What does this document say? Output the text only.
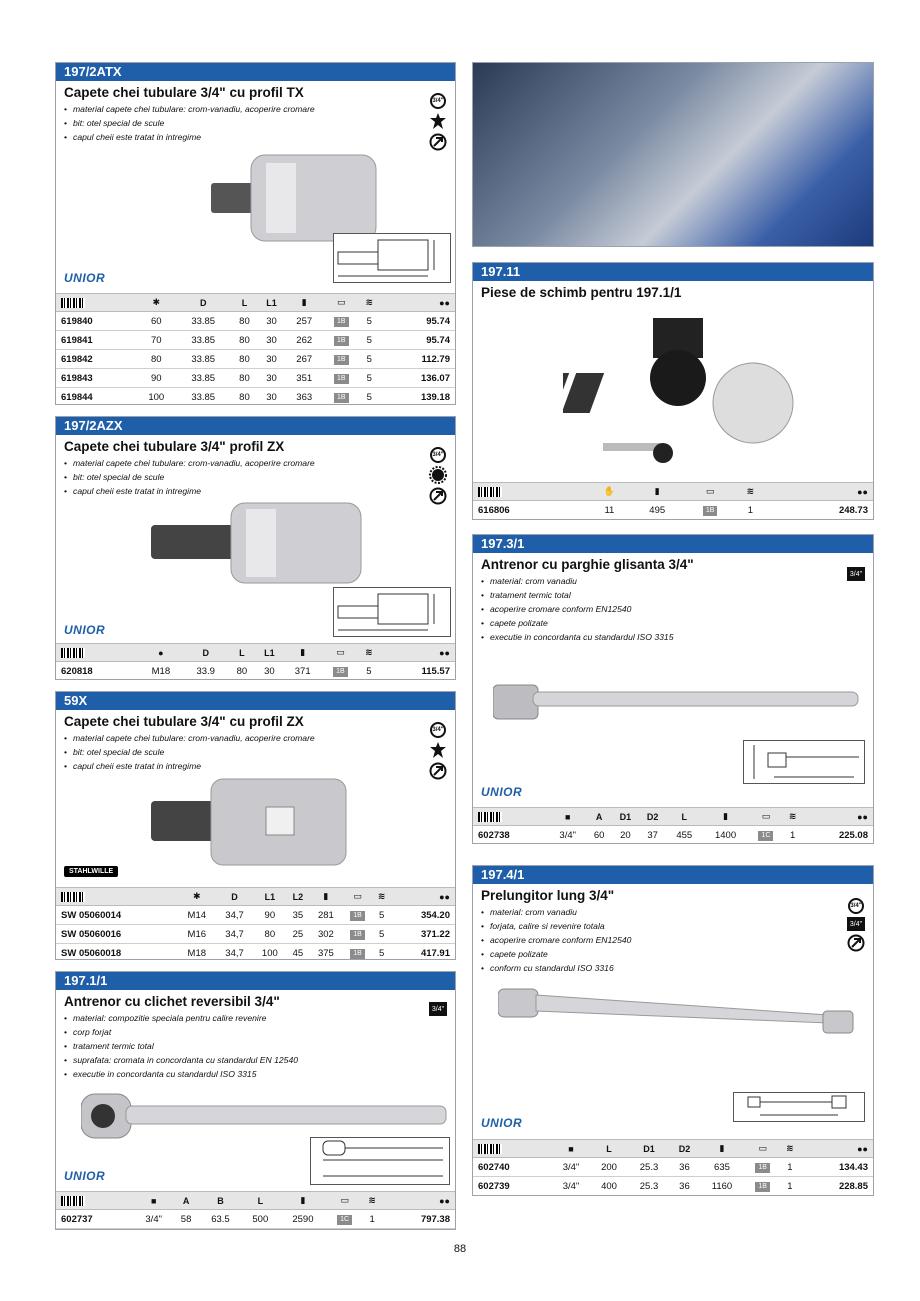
197/2ATX
Capete chei tubulare 3/4" cu profil TX
• material capete chei tubulare: crom-vanadiu, acoperire cromare
• bit: otel special de scule
• capul cheii este tratat in intregime
3/4"
UNIOR
	✱	D	L	L1	▮	▭	≋	●●
619840	60	33.85	80	30	257	1B	5	95.74
619841	70	33.85	80	30	262	1B	5	95.74
619842	80	33.85	80	30	267	1B	5	112.79
619843	90	33.85	80	30	351	1B	5	136.07
619844	100	33.85	80	30	363	1B	5	139.18
197/2AZX
Capete chei tubulare 3/4" profil ZX
• material capete chei tubulare: crom-vanadiu, acoperire cromare
• bit: otel special de scule
• capul cheii este tratat in intregime
3/4"
UNIOR
	●	D	L	L1	▮	▭	≋	●●
620818	M18	33.9	80	30	371	1B	5	115.57
59X
Capete chei tubulare 3/4" cu profil ZX
• material capete chei tubulare: crom-vanadiu, acoperire cromare
• bit: otel special de scule
• capul cheii este tratat in intregime
3/4"
STAHLWILLE
	✱	D	L1	L2	▮	▭	≋	●●
SW 05060014	M14	34,7	90	35	281	1B	5	354.20
SW 05060016	M16	34,7	80	25	302	1B	5	371.22
SW 05060018	M18	34,7	100	45	375	1B	5	417.91
197.1/1
Antrenor cu clichet reversibil 3/4"
• material: compozitie speciala pentru calire revenire
• corp forjat
• tratament termic total
• suprafata: cromata in concordanta cu standardul EN 12540
• executie in concordanta cu standardul ISO 3315
3/4"
UNIOR
	■	A	B	L	▮	▭	≋	●●
602737	3/4"	58	63.5	500	2590	1C	1	797.38
197.11
Piese de schimb pentru 197.1/1
	✋	▮	▭	≋	●●
616806	11	495	1B	1	248.73
197.3/1
Antrenor cu parghie glisanta 3/4"
• material: crom vanadiu
• tratament termic total
• acoperire cromare conform EN12540
• capete polizate
• executie in concordanta cu standardul ISO 3315
3/4"
UNIOR
	■	A	D1	D2	L	▮	▭	≋	●●
602738	3/4"	60	20	37	455	1400	1C	1	225.08
197.4/1
Prelungitor lung 3/4"
• material: crom vanadiu
• forjata, calire si revenire totala
• acoperire cromare conform EN12540
• capete polizate
• conform cu standardul ISO 3316
3/4"
3/4"
UNIOR
	■	L	D1	D2	▮	▭	≋	●●
602740	3/4"	200	25.3	36	635	1B	1	134.43
602739	3/4"	400	25.3	36	1160	1B	1	228.85
88
